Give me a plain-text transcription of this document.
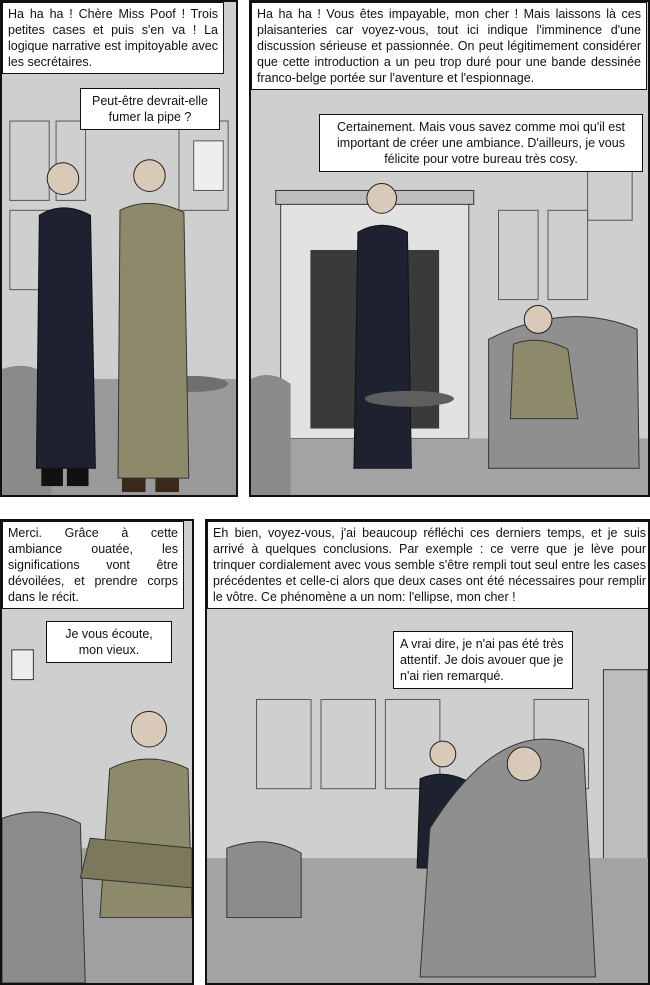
Ha ha ha ! Chère Miss Poof ! Trois petites cases et puis s'en va ! La logique narrative est impitoyable avec les secrétaires.
Peut-être devrait-elle fumer la pipe ?
Ha ha ha ! Vous êtes impayable, mon cher ! Mais laissons là ces plaisanteries car voyez-vous, tout ici indique l'imminence d'une discussion sérieuse et passionnée. On peut légitimement considérer que cette introduction a un peu trop duré pour une bande dessinée franco-belge portée sur l'aventure et l'espionnage.
Certainement. Mais vous savez comme moi qu'il est important de créer une ambiance. D'ailleurs, je vous félicite pour votre bureau très cosy.
Merci. Grâce à cette ambiance ouatée, les significations vont être dévoilées, et prendre corps dans le récit.
Je vous écoute, mon vieux.
Eh bien, voyez-vous, j'ai beaucoup réfléchi ces derniers temps, et je suis arrivé à quelques conclusions. Par exemple : ce verre que je lève pour trinquer cordialement avec vous semble s'être rempli tout seul entre les cases précédentes et celle-ci alors que deux cases ont été nécessaires pour remplir le vôtre. Ce phénomène a un nom: l'ellipse, mon cher !
A vrai dire, je n'ai pas été très attentif. Je dois avouer que je n'ai rien remarqué.
